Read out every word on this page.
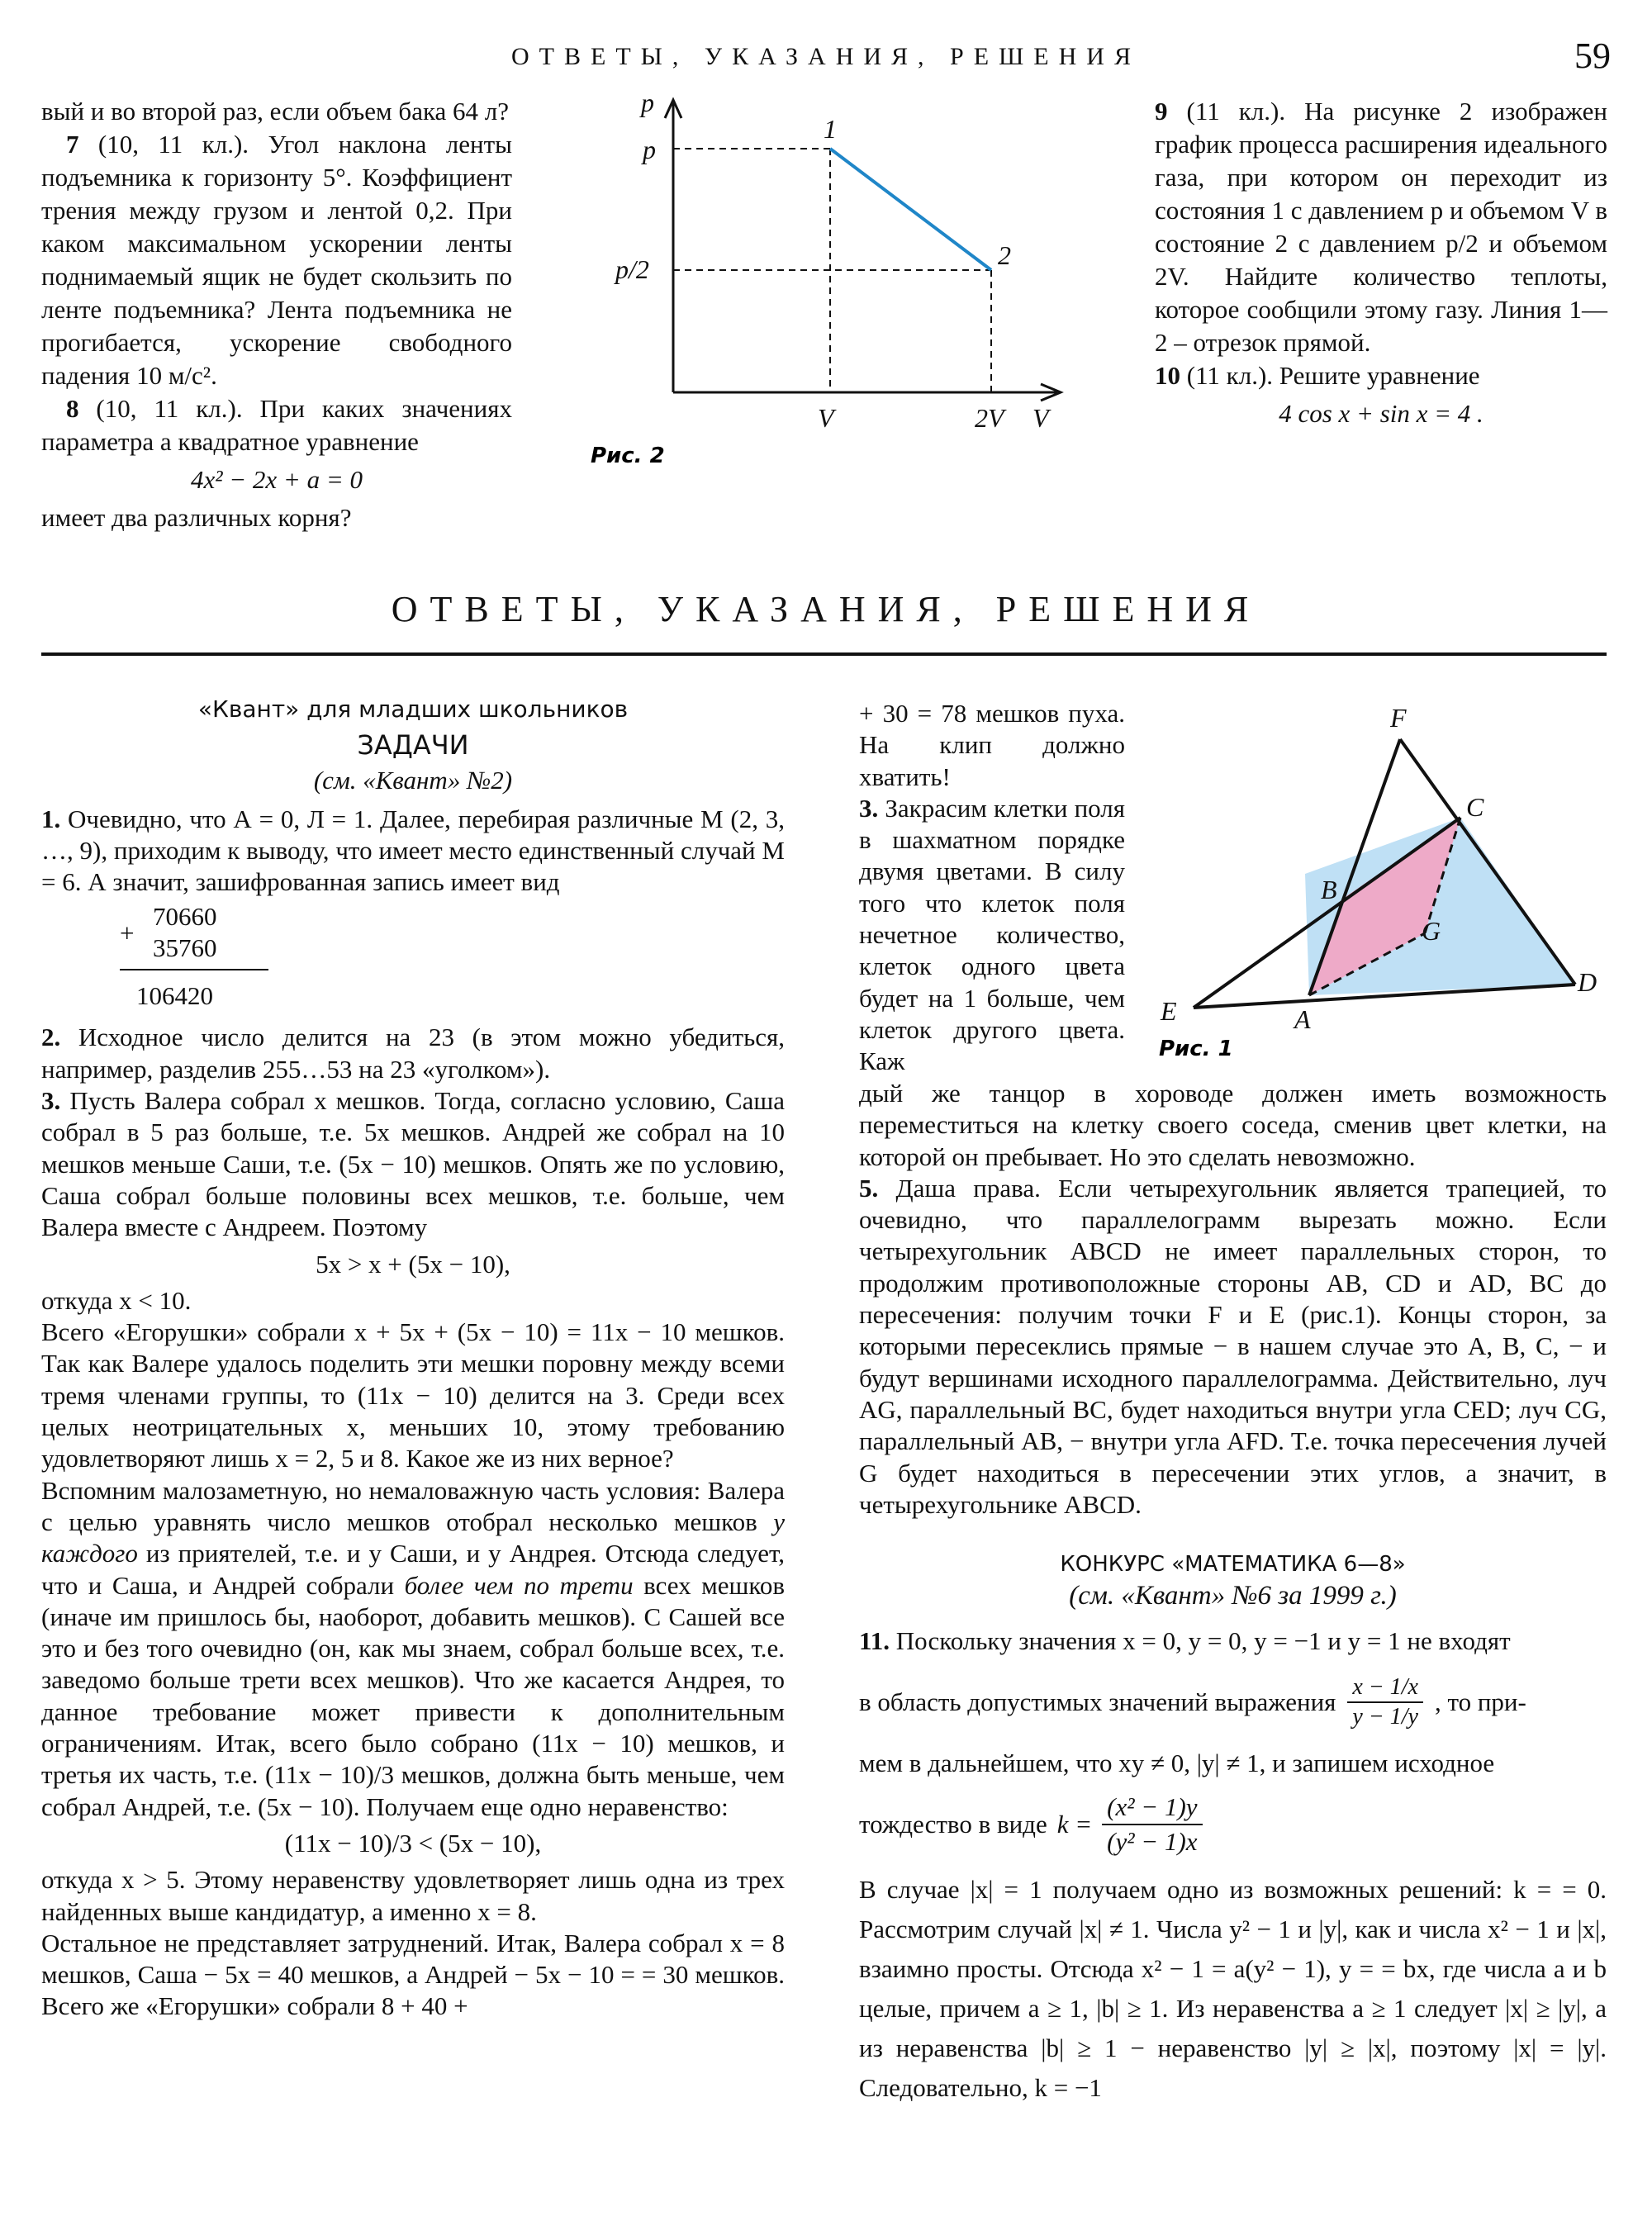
ОТВЕТЫ, УКАЗАНИЯ, РЕШЕНИЯ	59

вый и во второй раз, если объем бака 64 л?

7 (10, 11 кл.). Угол наклона ленты подъемника к горизонту 5°. Коэффициент трения между грузом и лентой 0,2. При каком максимальном ускорении ленты поднимаемый ящик не будет скользить по ленте подъемника? Лента подъемника не прогибается, ускорение свободного падения 10 м/с².

8 (10, 11 кл.). При каких значениях параметра a квадратное уравнение

4x² − 2x + a = 0

имеет два различных корня?

p
p
p/2
V	2V V
1
2
Рис. 2

9 (11 кл.). На рисунке 2 изображен график процесса расширения идеального газа, при котором он переходит из состояния 1 с давлением p и объемом V в состояние 2 с давлением p/2 и объемом 2V. Найдите количество теплоты, которое сообщили этому газу. Линия 1—2 – отрезок прямой.

10 (11 кл.). Решите уравнение

4 cos x + sin x = 4 .

ОТВЕТЫ, УКАЗАНИЯ, РЕШЕНИЯ

«Квант» для младших школьников

ЗАДАЧИ

(см. «Квант» №2)

1. Очевидно, что А = 0, Л = 1. Далее, перебирая различные М (2, 3, …, 9), приходим к выводу, что имеет место единственный случай М = 6. А значит, зашифрованная запись имеет вид

70660
+
35760
106420

2. Исходное число делится на 23 (в этом можно убедиться, например, разделив 255…53 на 23 «уголком»).

3. Пусть Валера собрал x мешков. Тогда, согласно условию, Саша собрал в 5 раз больше, т.е. 5x мешков. Андрей же собрал на 10 мешков меньше Саши, т.е. (5x − 10) мешков. Опять же по условию, Саша собрал больше половины всех мешков, т.е. больше, чем Валера вместе с Андреем. Поэтому

5x > x + (5x − 10),

откуда x < 10.

Всего «Егорушки» собрали x + 5x + (5x − 10) = 11x − 10 мешков. Так как Валере удалось поделить эти мешки поровну между всеми тремя членами группы, то (11x − 10) делится на 3. Среди всех целых неотрицательных x, меньших 10, этому требованию удовлетворяют лишь x = 2, 5 и 8. Какое же из них верное?

Вспомним малозаметную, но немаловажную часть условия: Валера с целью уравнять число мешков отобрал несколько мешков у каждого из приятелей, т.е. и у Саши, и у Андрея. Отсюда следует, что и Саша, и Андрей собрали более чем по трети всех мешков (иначе им пришлось бы, наоборот, добавить мешков). С Сашей все это и без того очевидно (он, как мы знаем, собрал больше всех, т.е. заведомо больше трети всех мешков). Что же касается Андрея, то данное требование может привести к дополнительным ограничениям. Итак, всего было собрано (11x − 10) мешков, и третья их часть, т.е. (11x − 10)/3 мешков, должна быть меньше, чем собрал Андрей, т.е. (5x − 10). Получаем еще одно неравенство:

(11x − 10)/3 < (5x − 10),

откуда x > 5. Этому неравенству удовлетворяет лишь одна из трех найденных выше кандидатур, а именно x = 8.

Остальное не представляет затруднений. Итак, Валера собрал x = 8 мешков, Саша − 5x = 40 мешков, а Андрей − 5x − 10 = = 30 мешков. Всего же «Егорушки» собрали 8 + 40 +

+ 30 = 78 мешков пуха. На клип должно хватить!

3. Закрасим клетки поля в шахматном порядке двумя цветами. В силу того что клеток поля нечетное количество, клеток одного цвета будет на 1 больше, чем клеток другого цвета. Каж

F
C
B
G
E	A
D
Рис. 1

дый же танцор в хороводе должен иметь возможность переместиться на клетку своего соседа, сменив цвет клетки, на которой он пребывает. Но это сделать невозможно.

5. Даша права. Если четырехугольник является трапецией, то очевидно, что параллелограмм вырезать можно. Если четырехугольник ABCD не имеет параллельных сторон, то продолжим противоположные стороны AB, CD и AD, BC до пересечения: получим точки F и E (рис.1). Концы сторон, за которыми пересеклись прямые − в нашем случае это A, B, C, − и будут вершинами исходного параллелограмма. Действительно, луч AG, параллельный BC, будет находиться внутри угла CED; луч CG, параллельный AB, − внутри угла AFD. Т.е. точка пересечения лучей G будет находиться в пересечении этих углов, а значит, в четырехугольнике ABCD.

КОНКУРС «МАТЕМАТИКА 6—8»

(см. «Квант» №6 за 1999 г.)

11. Поскольку значения x = 0, y = 0, y = −1 и y = 1 не входят

в область допустимых значений выражения
x − 1/x
y − 1/y
, то при-

мем в дальнейшем, что xy ≠ 0, |y| ≠ 1, и запишем исходное

тождество в виде $k = \frac{\text{(x² − 1)y}}{\text{(y² − 1)x}}$

В случае |x| = 1 получаем одно из возможных решений: k = = 0. Рассмотрим случай |x| ≠ 1. Числа y² − 1 и |y|, как и числа x² − 1 и |x|, взаимно просты. Отсюда x² − 1 = a(y² − 1), y = = bx, где числа a и b целые, причем a ≥ 1, |b| ≥ 1. Из неравенства a ≥ 1 следует |x| ≥ |y|, а из неравенства |b| ≥ 1 − неравенство |y| ≥ |x|, поэтому |x| = |y|. Следовательно, k = −1
